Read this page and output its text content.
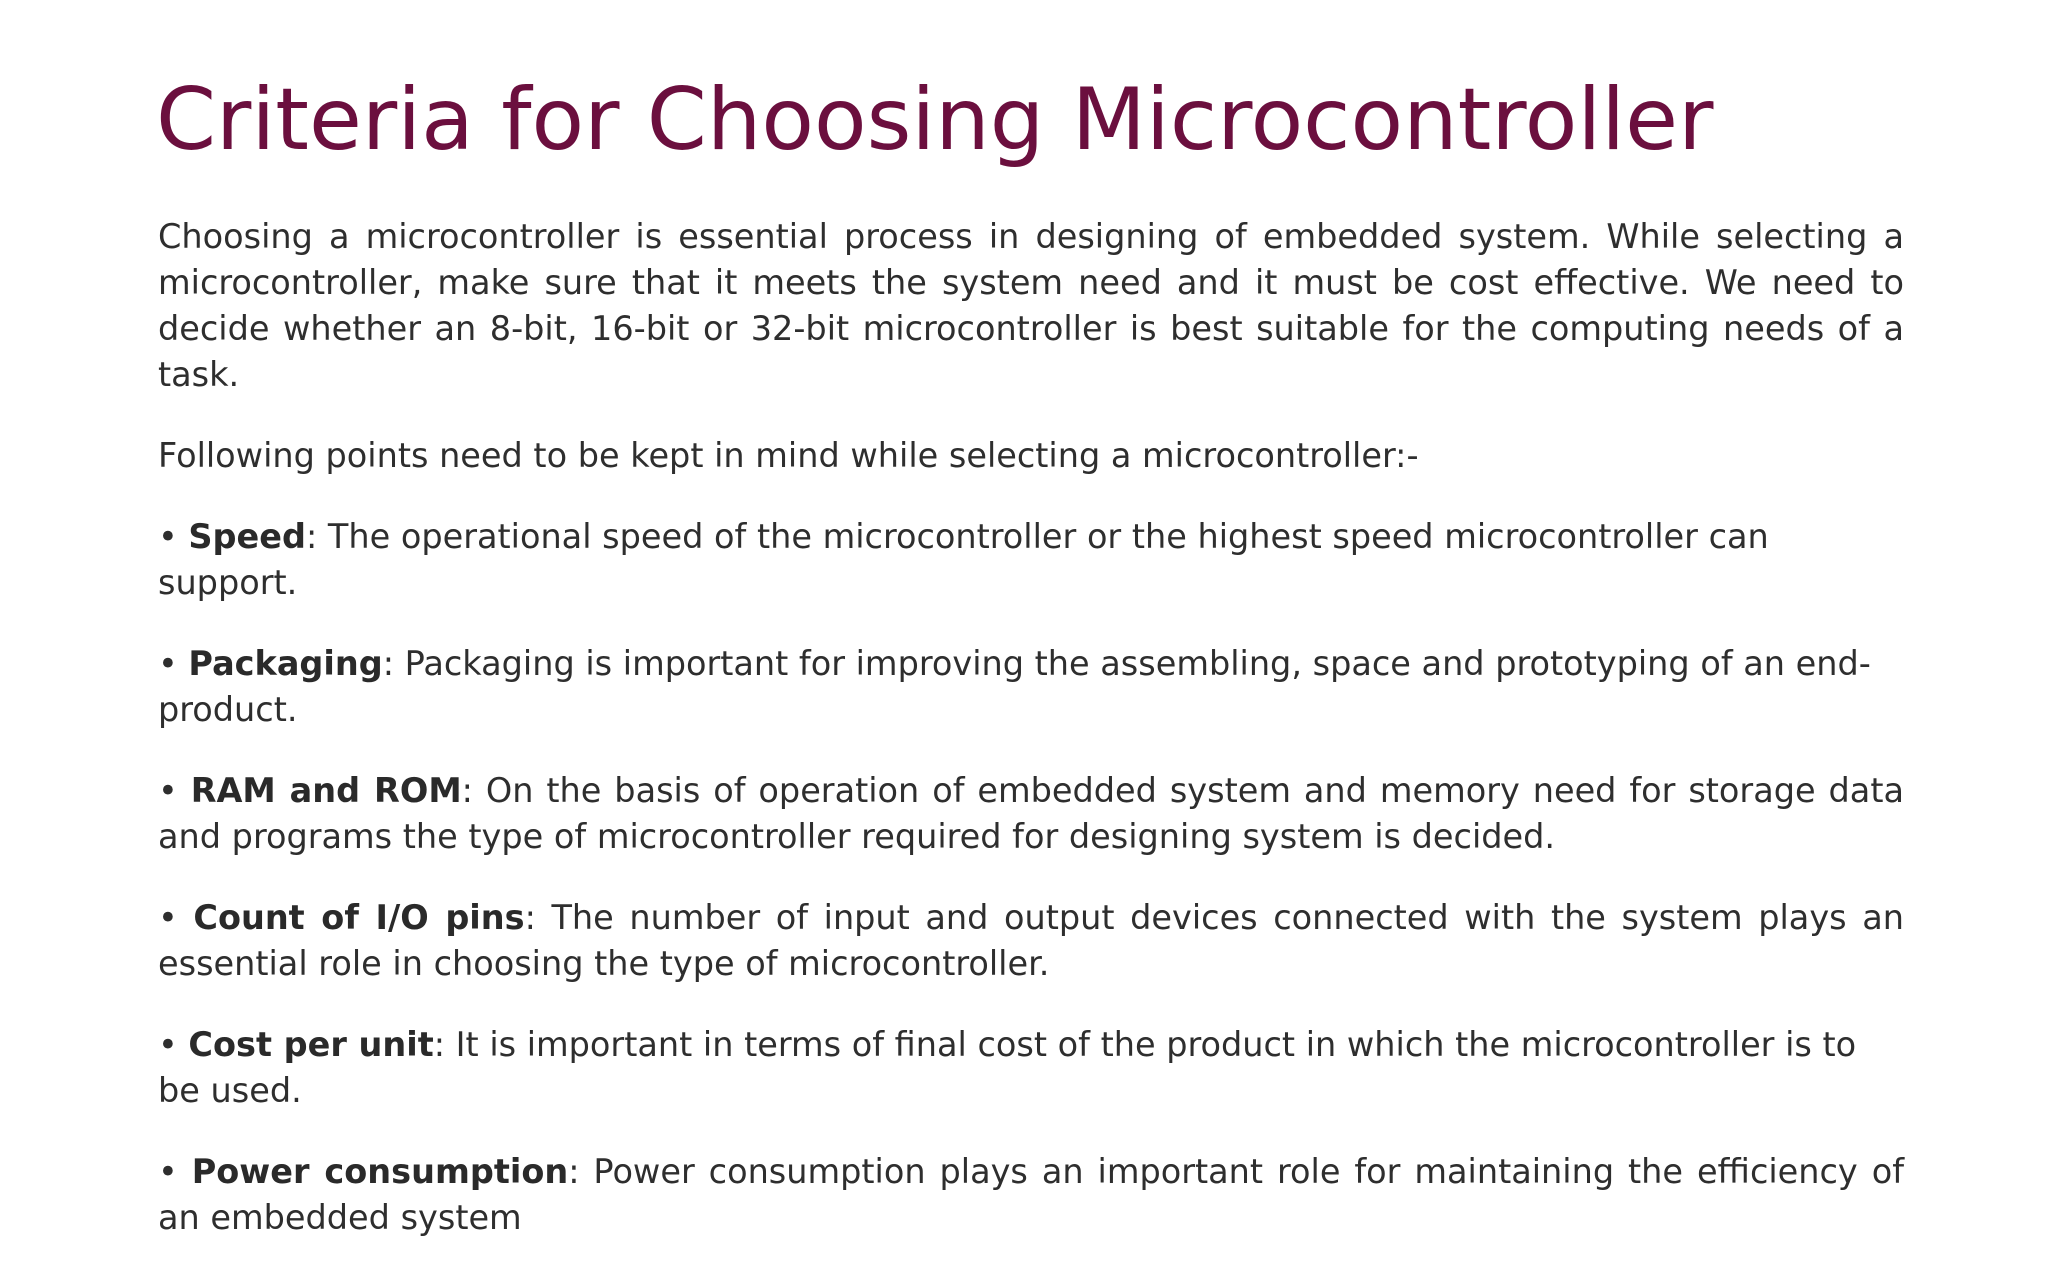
Criteria for Choosing Microcontroller

Choosing a microcontroller is essential process in designing of embedded system. While selecting a microcontroller, make sure that it meets the system need and it must be cost effective. We need to decide whether an 8-bit, 16-bit or 32-bit microcontroller is best suitable for the computing needs of a task.

Following points need to be kept in mind while selecting a microcontroller:-

• Speed: The operational speed of the microcontroller or the highest speed microcontroller can support.

• Packaging: Packaging is important for improving the assembling, space and prototyping of an end-product.

• RAM and ROM: On the basis of operation of embedded system and memory need for storage data and programs the type of microcontroller required for designing system is decided.

• Count of I/O pins: The number of input and output devices connected with the system plays an essential role in choosing the type of microcontroller.

• Cost per unit: It is important in terms of final cost of the product in which the microcontroller is to be used.

• Power consumption: Power consumption plays an important role for maintaining the efficiency of an embedded system
